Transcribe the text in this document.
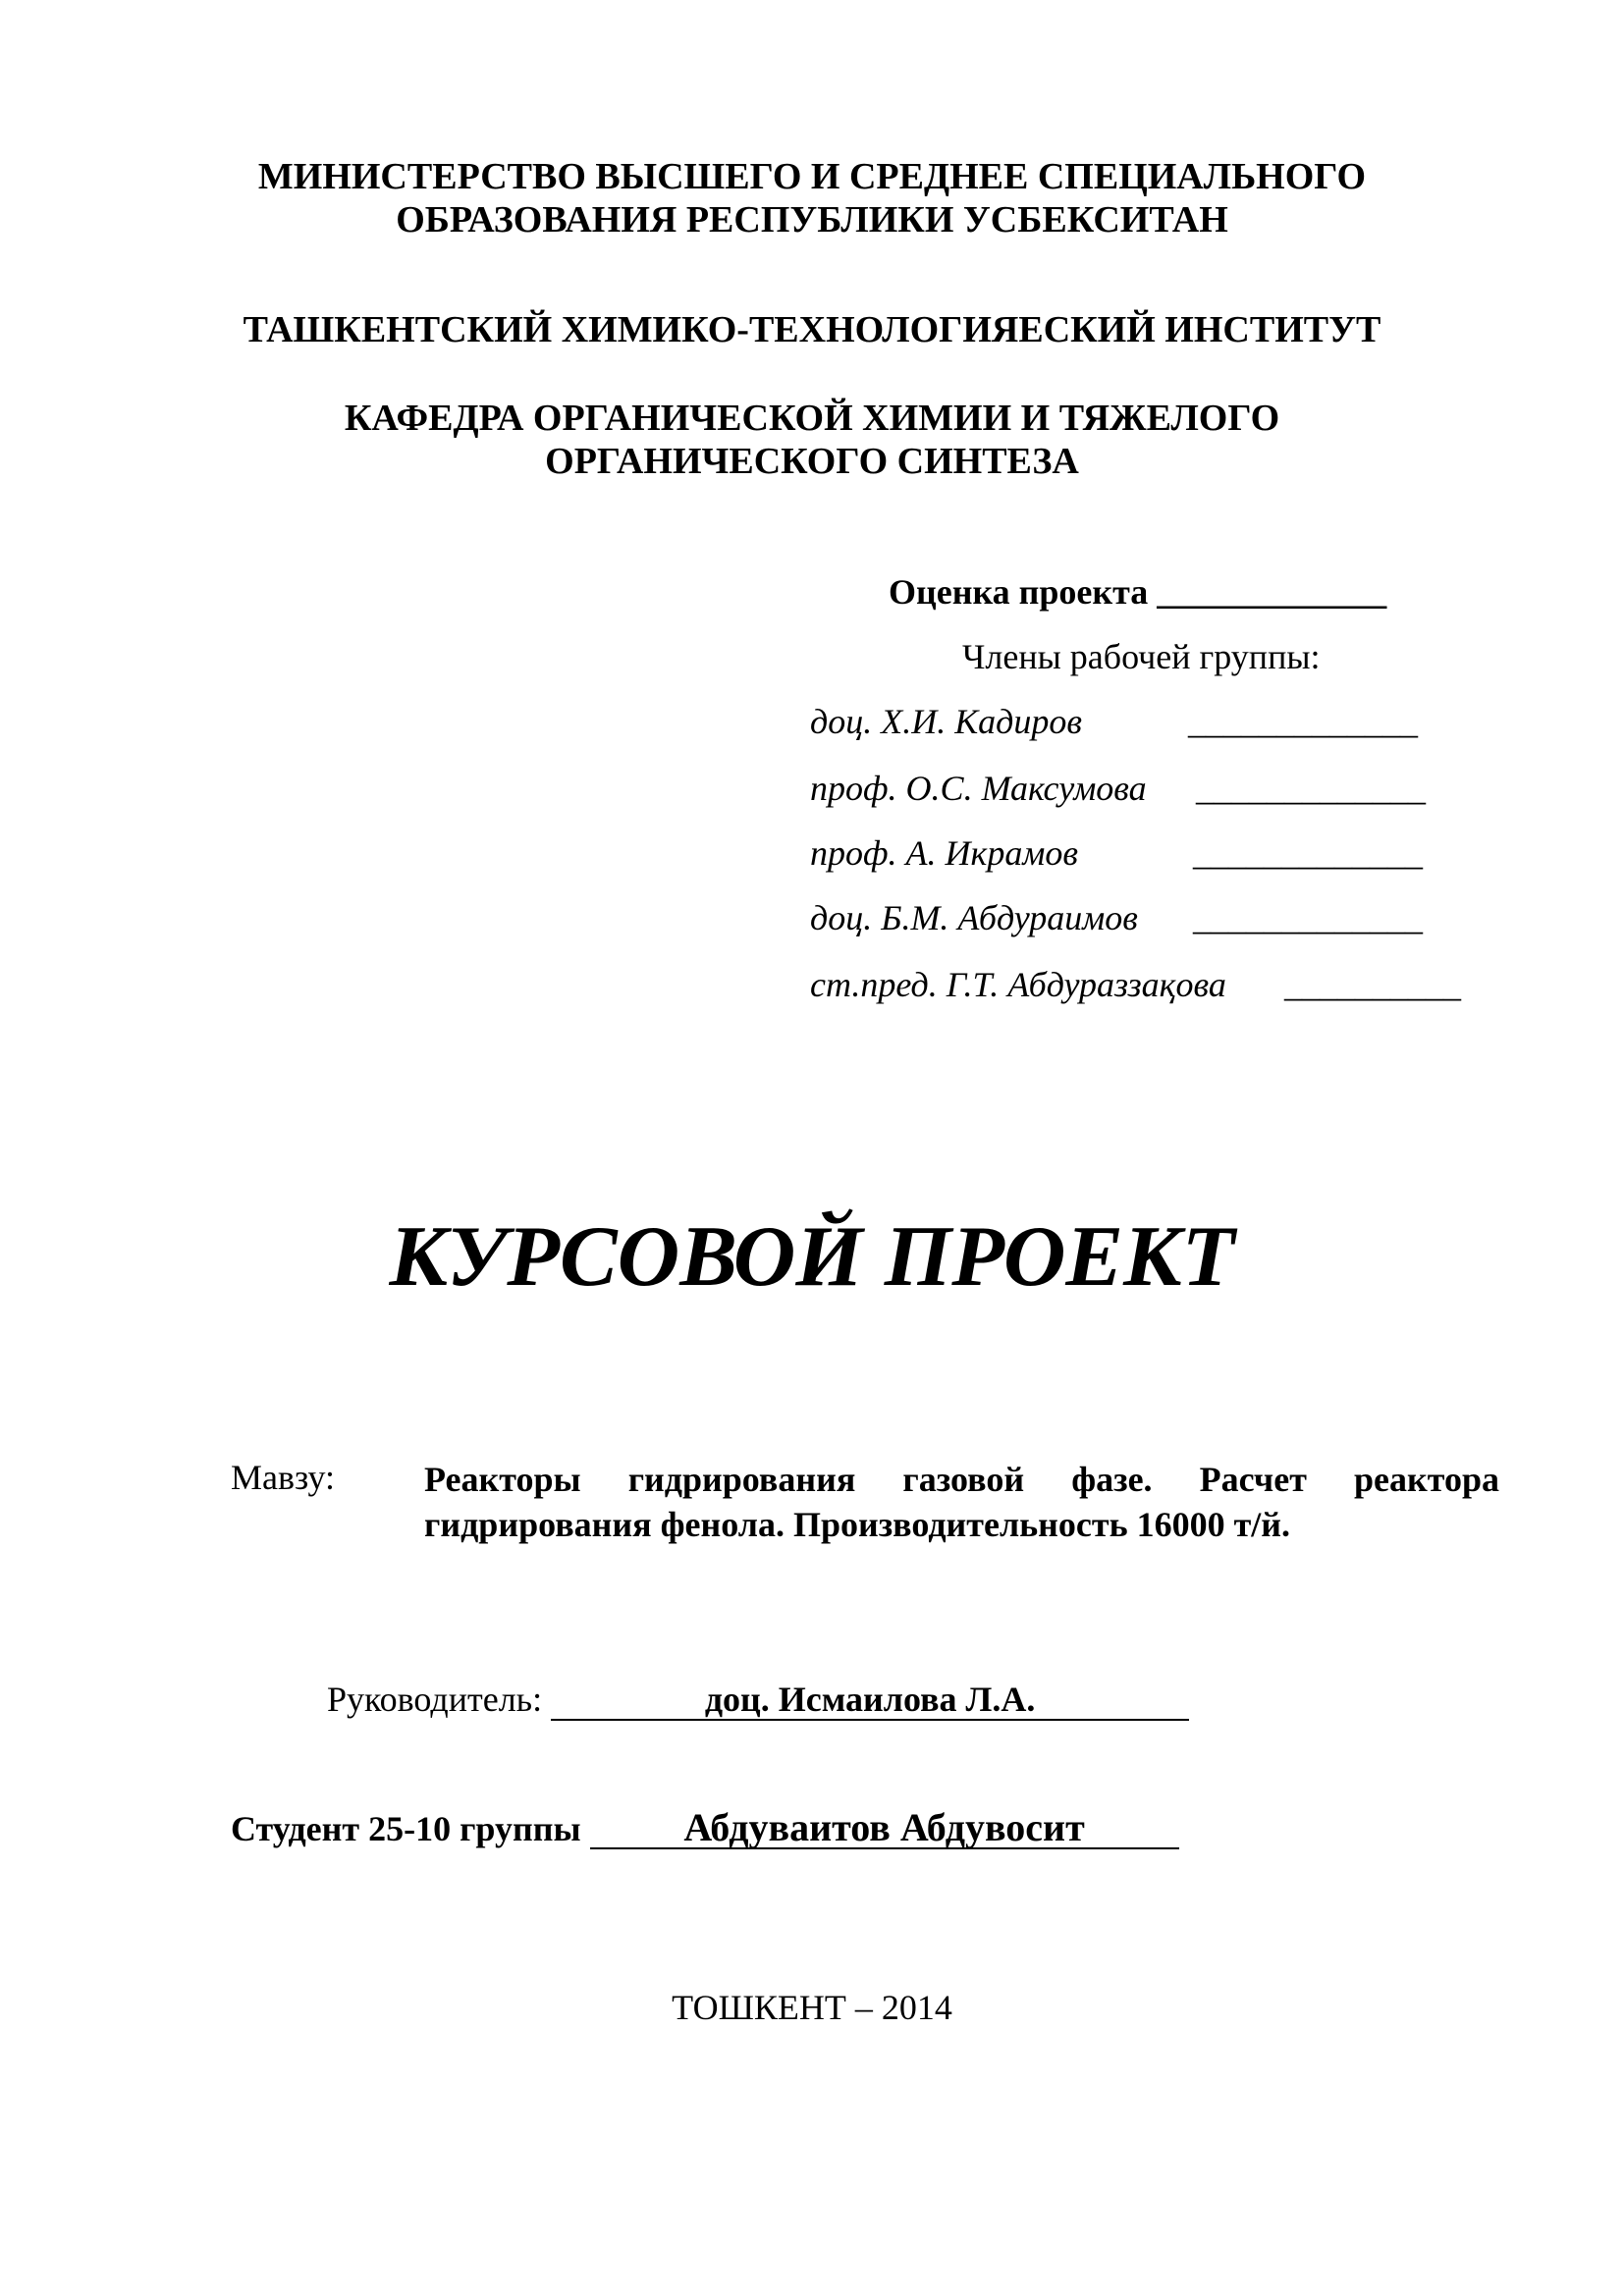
МИНИСТЕРСТВО ВЫСШЕГО И СРЕДНЕЕ СПЕЦИАЛЬНОГО
ОБРАЗОВАНИЯ РЕСПУБЛИКИ УСБЕКСИТАН
ТАШКЕНТСКИЙ ХИМИКО-ТЕХНОЛОГИЯЕСКИЙ ИНСТИТУТ
КАФЕДРА ОРГАНИЧЕСКОЙ ХИМИИ И ТЯЖЕЛОГО
ОРГАНИЧЕСКОГО СИНТЕЗА
Оценка проекта _____________
Члены рабочей группы:
доц. Х.И. Кадиров	_____________
проф. О.С. Максумова _____________
проф. А. Икрамов	_____________
доц. Б.М. Абдураимов _____________
ст.пред. Г.Т. Абдураззақова __________
КУРСОВОЙ ПРОЕКТ
Мавзу:	Реакторы гидрирования газовой фазе. Расчет реактора
гидрирования фенола. Производительность 16000 т/й.
Руководитель:	доц. Исмаилова Л.А.
Студент 25-10 группы	Абдуваитов Абдувосит
ТОШКЕНТ – 2014
